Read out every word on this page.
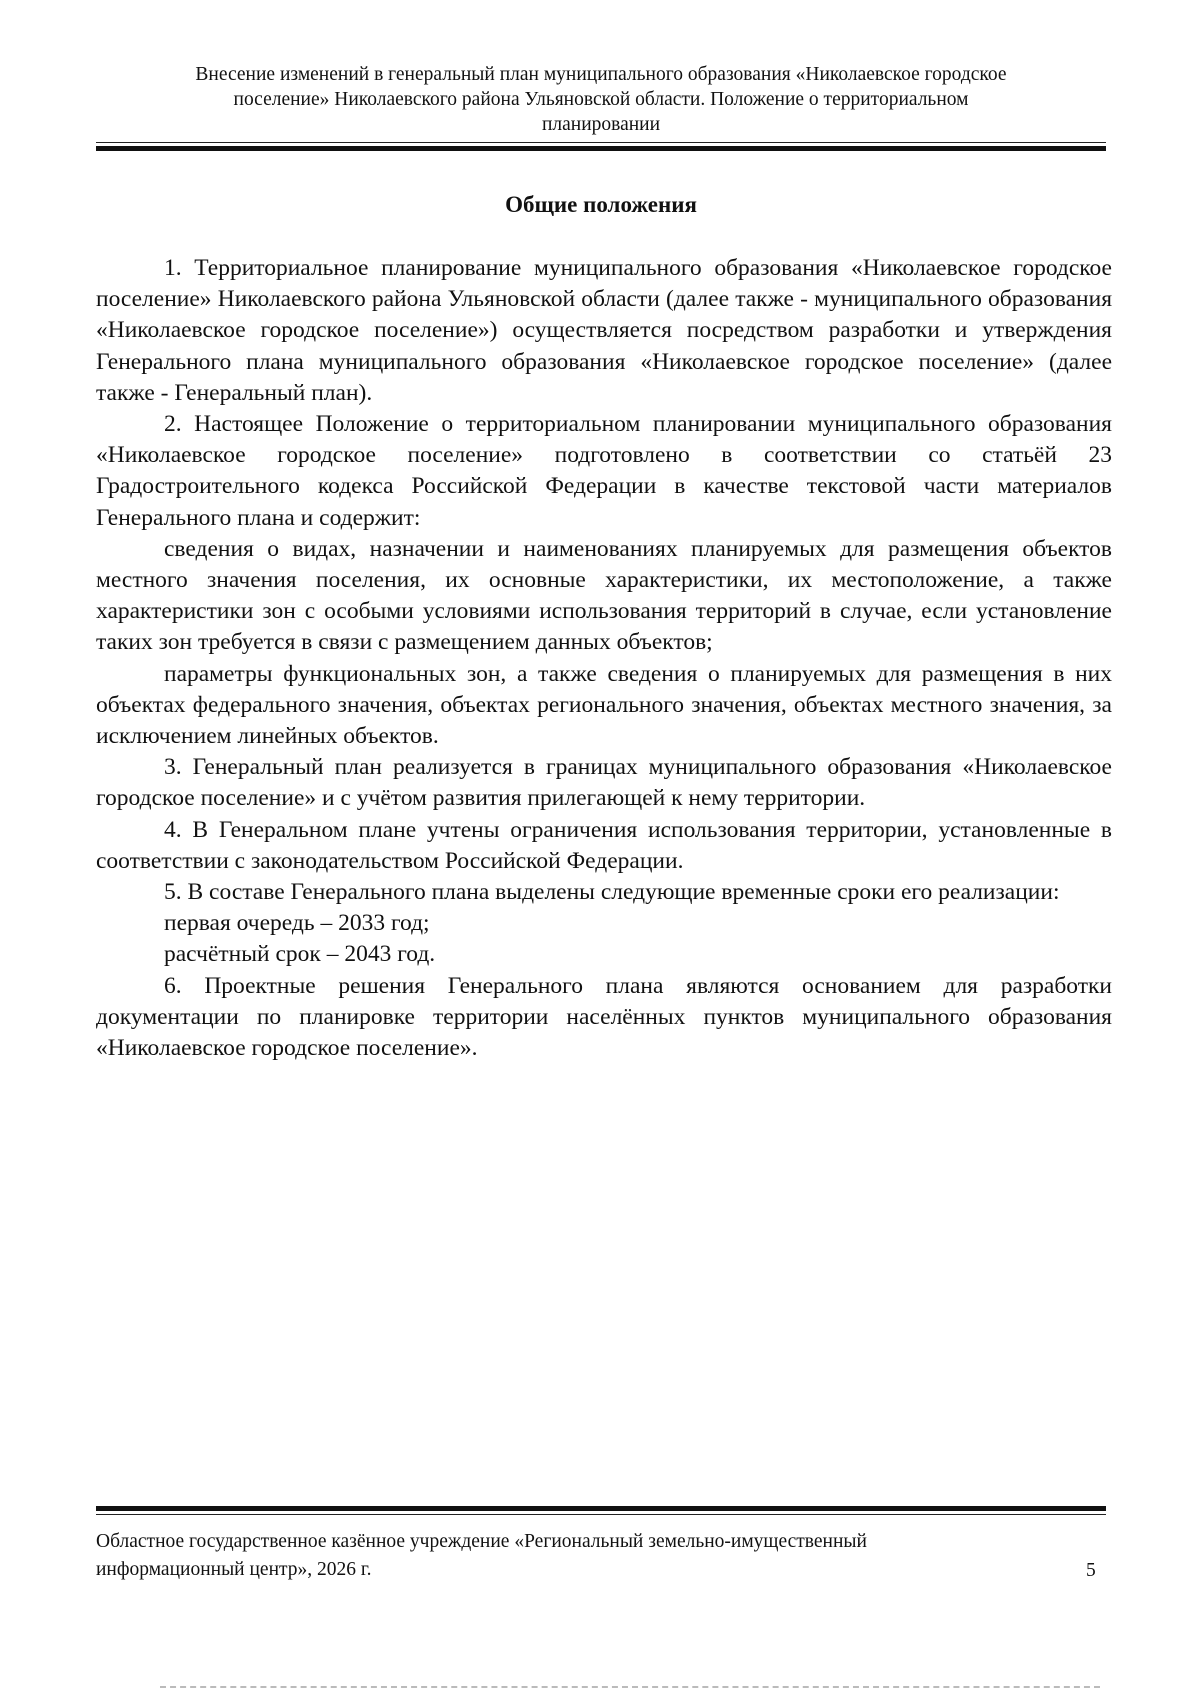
Внесение изменений в генеральный план муниципального образования «Николаевское городское
поселение» Николаевского района Ульяновской области. Положение о территориальном
планировании
Общие положения

1. Территориальное планирование муниципального образования «Николаевское городское поселение» Николаевского района Ульяновской области (далее также - муниципального образования «Николаевское городское поселение») осуществляется посредством разработки и утверждения Генерального плана муниципального образования «Николаевское городское поселение» (далее также - Генеральный план).

2. Настоящее Положение о территориальном планировании муниципального образования «Николаевское городское поселение» подготовлено в соответствии со статьёй 23 Градостроительного кодекса Российской Федерации в качестве текстовой части материалов Генерального плана и содержит:

сведения о видах, назначении и наименованиях планируемых для размещения объектов местного значения поселения, их основные характеристики, их местоположение, а также характеристики зон с особыми условиями использования территорий в случае, если установление таких зон требуется в связи с размещением данных объектов;

параметры функциональных зон, а также сведения о планируемых для размещения в них объектах федерального значения, объектах регионального значения, объектах местного значения, за исключением линейных объектов.

3. Генеральный план реализуется в границах муниципального образования «Николаевское городское поселение» и с учётом развития прилегающей к нему территории.

4. В Генеральном плане учтены ограничения использования территории, установленные в соответствии с законодательством Российской Федерации.

5. В составе Генерального плана выделены следующие временные сроки его реализации:

первая очередь – 2033 год;

расчётный срок – 2043 год.

6. Проектные решения Генерального плана являются основанием для разработки документации по планировке территории населённых пунктов муниципального образования «Николаевское городское поселение».

Областное государственное казённое учреждение «Региональный земельно-имущественный
информационный центр», 2026 г.	5
